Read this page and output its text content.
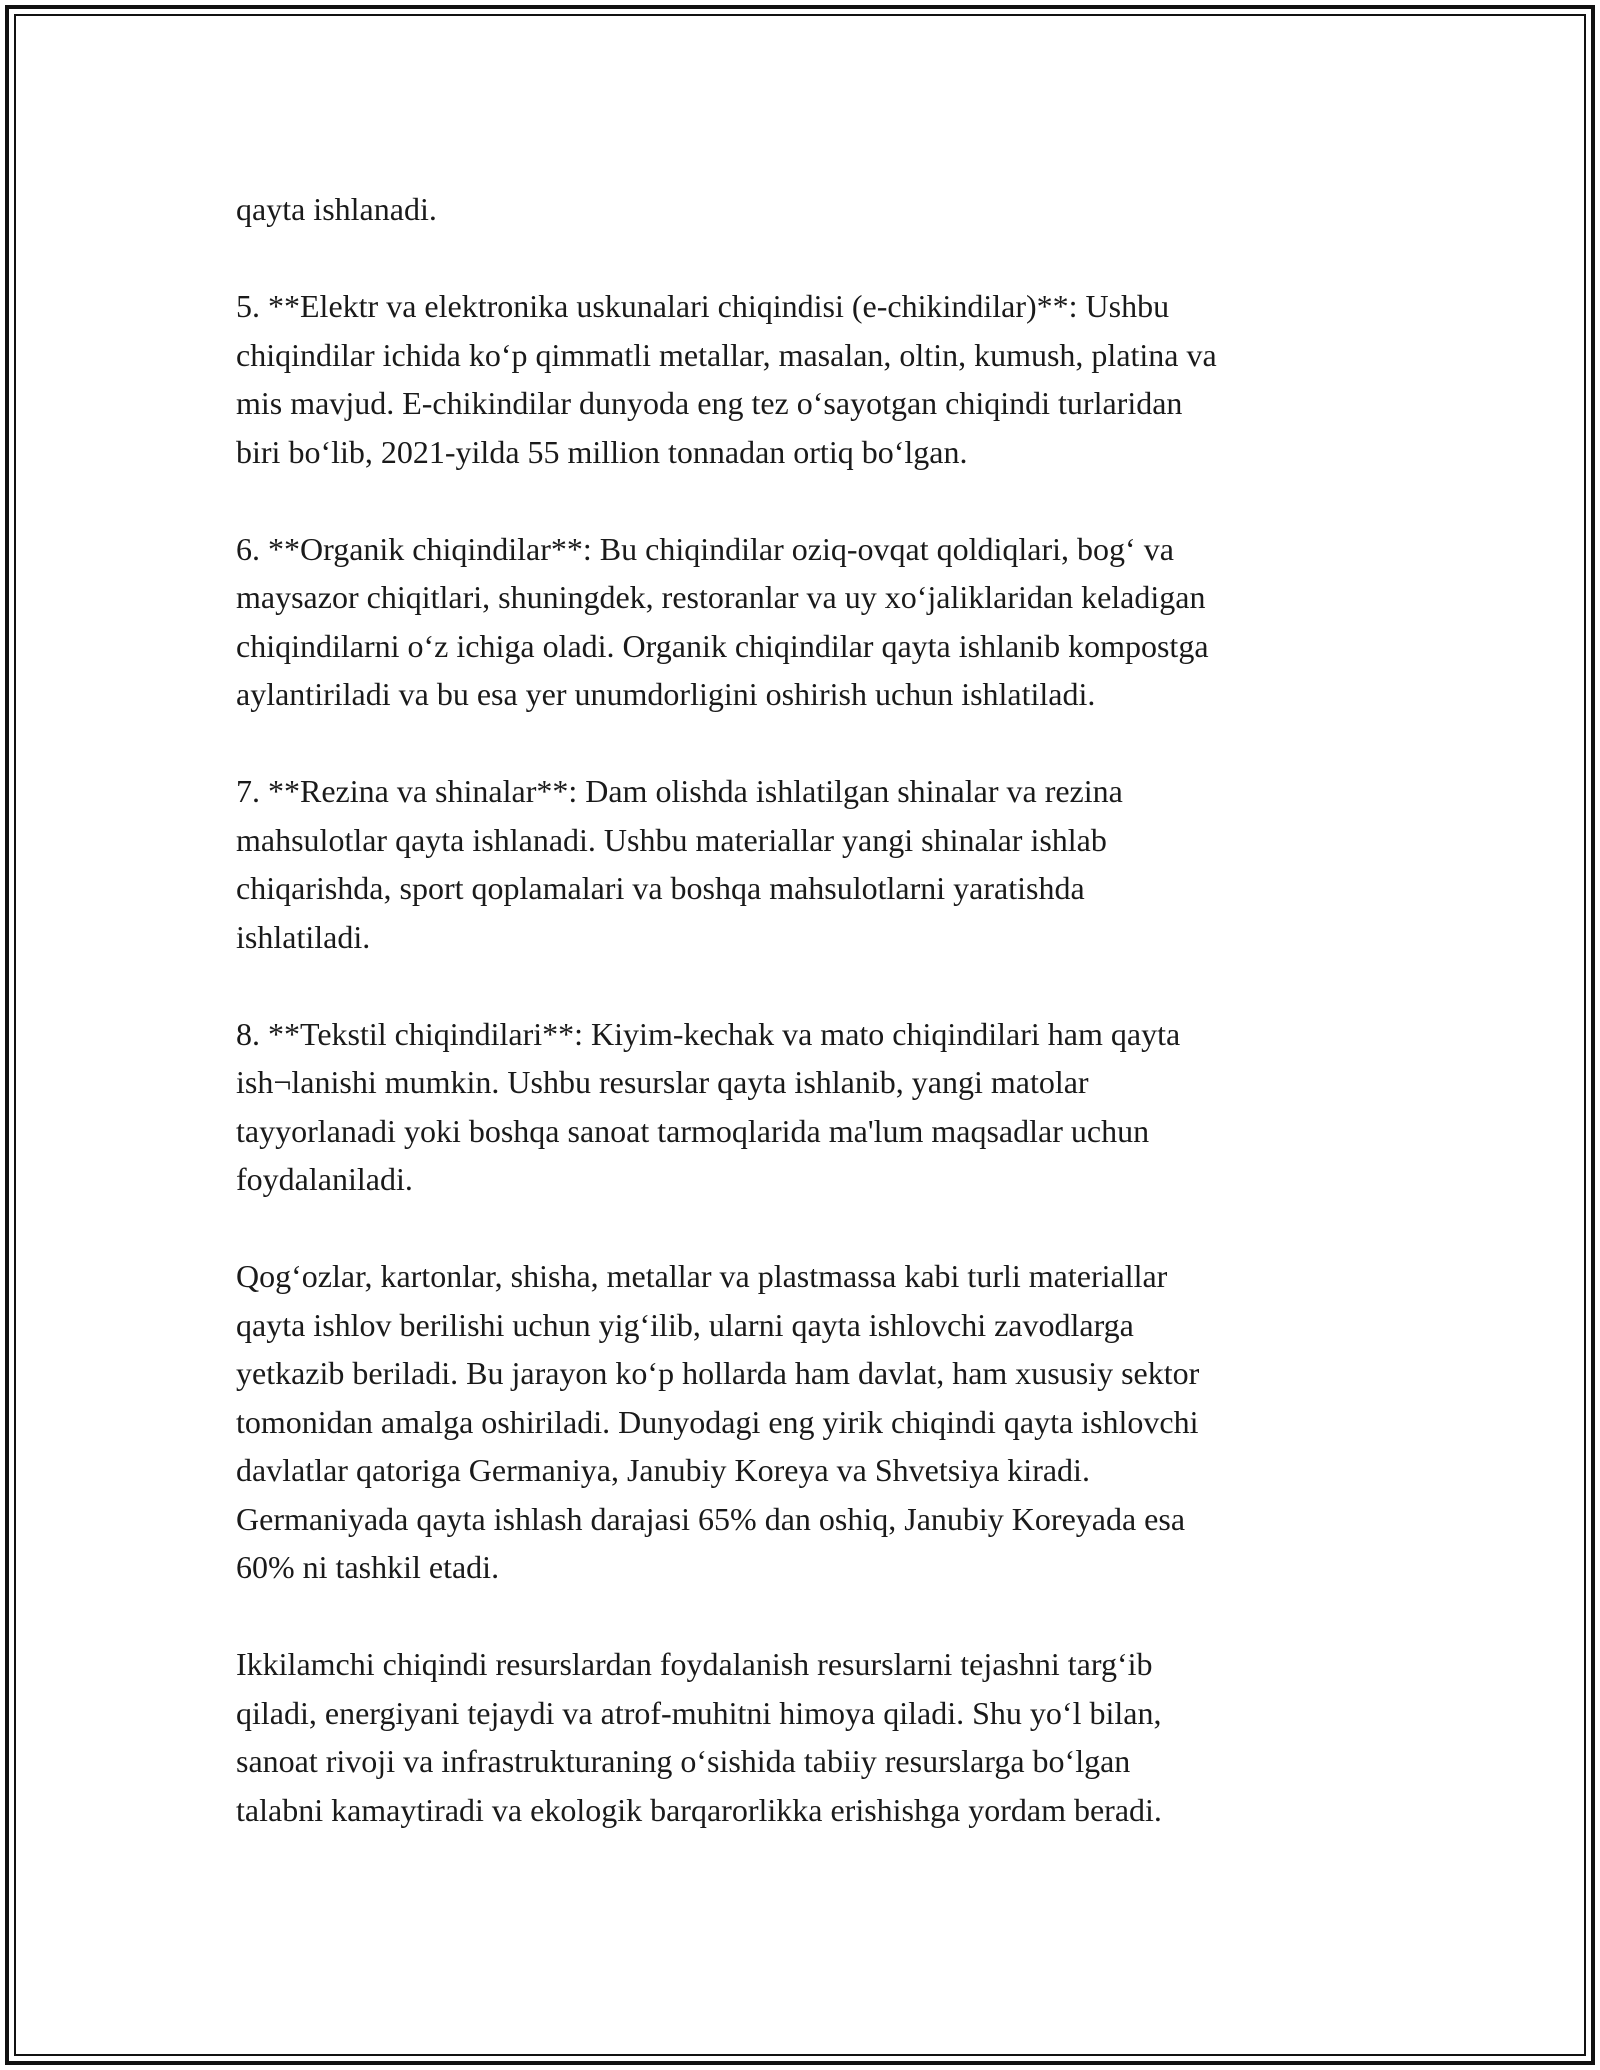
qayta ishlanadi.

5. **Elektr va elektronika uskunalari chiqindisi (e-chikindilar)**: Ushbu
chiqindilar ichida ko‘p qimmatli metallar, masalan, oltin, kumush, platina va
mis mavjud. E-chikindilar dunyoda eng tez o‘sayotgan chiqindi turlaridan
biri bo‘lib, 2021-yilda 55 million tonnadan ortiq bo‘lgan.

6. **Organik chiqindilar**: Bu chiqindilar oziq-ovqat qoldiqlari, bog‘ va
maysazor chiqitlari, shuningdek, restoranlar va uy xo‘jaliklaridan keladigan
chiqindilarni o‘z ichiga oladi. Organik chiqindilar qayta ishlanib kompostga
aylantiriladi va bu esa yer unumdorligini oshirish uchun ishlatiladi.

7. **Rezina va shinalar**: Dam olishda ishlatilgan shinalar va rezina
mahsulotlar qayta ishlanadi. Ushbu materiallar yangi shinalar ishlab
chiqarishda, sport qoplamalari va boshqa mahsulotlarni yaratishda
ishlatiladi.

8. **Tekstil chiqindilari**: Kiyim-kechak va mato chiqindilari ham qayta
ish¬lanishi mumkin. Ushbu resurslar qayta ishlanib, yangi matolar
tayyorlanadi yoki boshqa sanoat tarmoqlarida ma'lum maqsadlar uchun
foydalaniladi.

Qog‘ozlar, kartonlar, shisha, metallar va plastmassa kabi turli materiallar
qayta ishlov berilishi uchun yig‘ilib, ularni qayta ishlovchi zavodlarga
yetkazib beriladi. Bu jarayon ko‘p hollarda ham davlat, ham xususiy sektor
tomonidan amalga oshiriladi. Dunyodagi eng yirik chiqindi qayta ishlovchi
davlatlar qatoriga Germaniya, Janubiy Koreya va Shvetsiya kiradi.
Germaniyada qayta ishlash darajasi 65% dan oshiq, Janubiy Koreyada esa
60% ni tashkil etadi.

Ikkilamchi chiqindi resurslardan foydalanish resurslarni tejashni targ‘ib
qiladi, energiyani tejaydi va atrof-muhitni himoya qiladi. Shu yo‘l bilan,
sanoat rivoji va infrastrukturaning o‘sishida tabiiy resurslarga bo‘lgan
talabni kamaytiradi va ekologik barqarorlikka erishishga yordam beradi.
